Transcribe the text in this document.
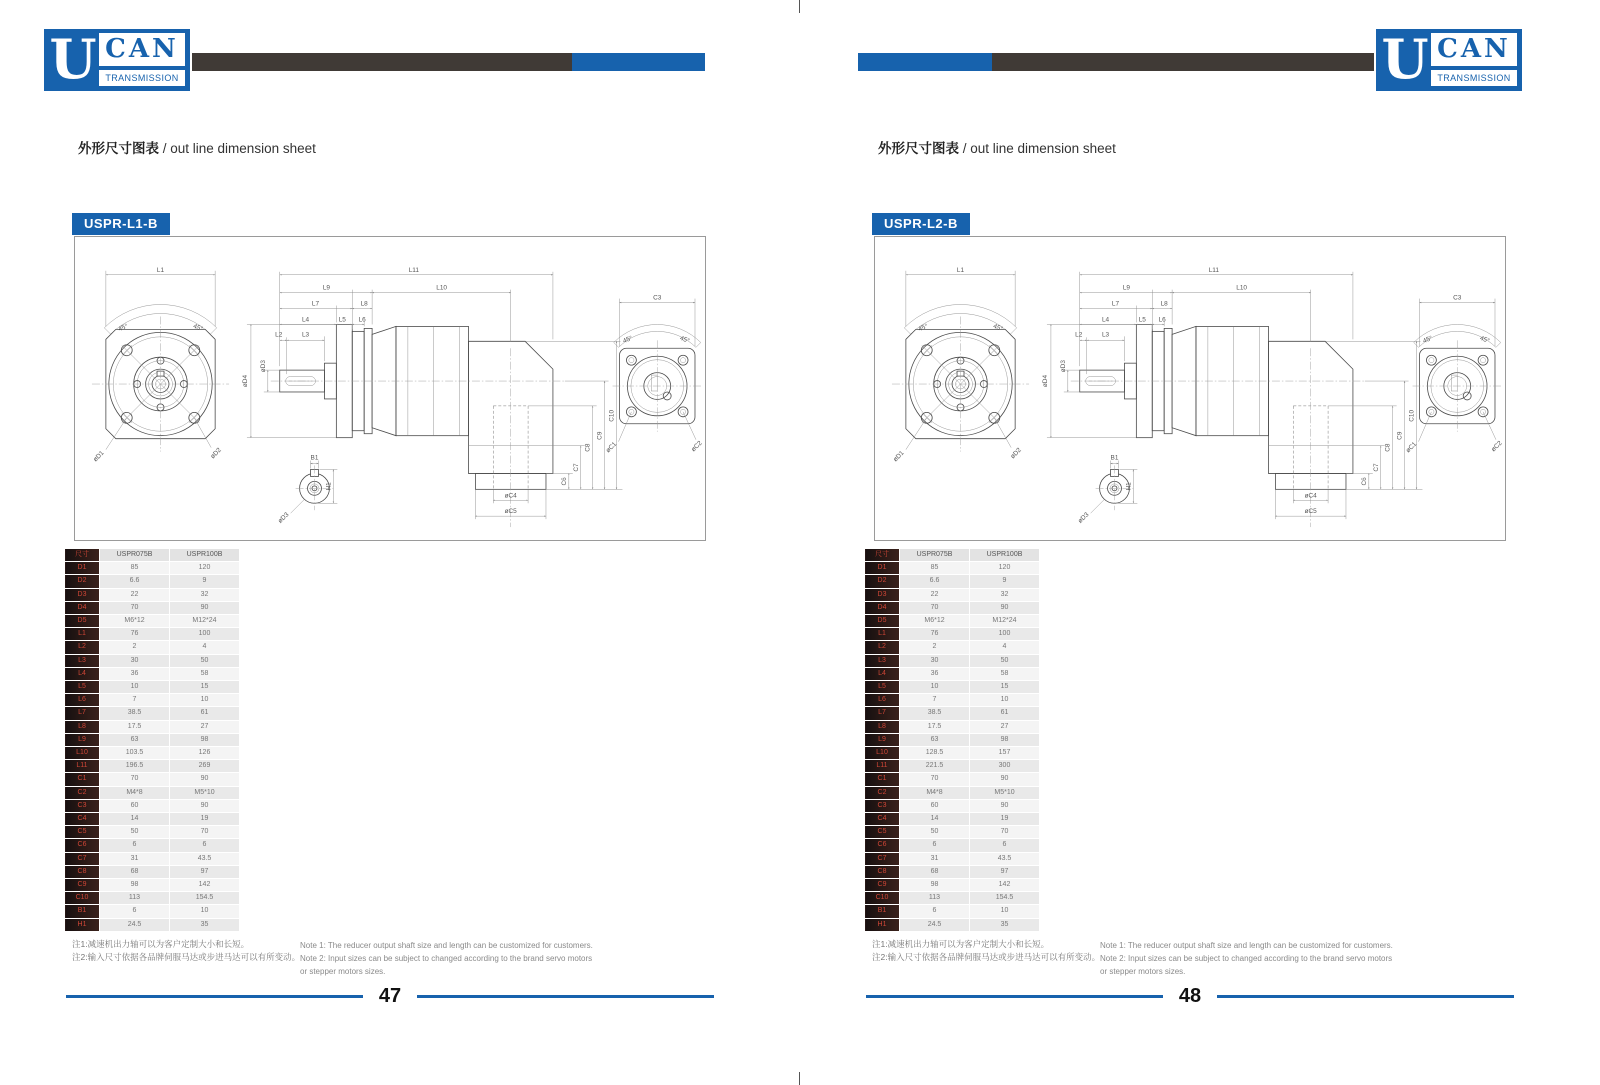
U CAN
TRANSMISSION
外形尺寸图表 / out line dimension sheet
USPR-L1-B
45°	45°
L1
øD1	øD2
L11
L9	L10
L7	L8
L4	L5 L6
L2	L3
øD4
øD3
C6
C7
C8
C9
C10
øC4
øC5
45°	45°
C3
øC1	øC2
B1
H1
øD3
尺寸	USPR075B	USPR100B
D1	85	120
D2	6.6	9
D3	22	32
D4	70	90
D5	M6*12	M12*24
L1	76	100
L2	2	4
L3	30	50
L4	36	58
L5	10	15
L6	7	10
L7	38.5	61
L8	17.5	27
L9	63	98
L10	103.5	126
L11	196.5	269
C1	70	90
C2	M4*8	M5*10
C3	60	90
C4	14	19
C5	50	70
C6	6	6
C7	31	43.5
C8	68	97
C9	98	142
C10	113	154.5
B1	6	10
H1	24.5	35
注1:减速机出力轴可以为客户定制大小和长短。
注2:输入尺寸依据各品牌伺服马达或步进马达可以有所变动。
Note 1: The reducer output shaft size and length can be customized for customers.
Note 2: Input sizes can be subject to changed according to the brand servo motors
or stepper motors sizes.
47
U CAN
TRANSMISSION
外形尺寸图表 / out line dimension sheet
USPR-L2-B
45°	45°
L1
øD1	øD2
L11
L9	L10
L7	L8
L4	L5 L6
L2	L3
øD4
øD3
C6
C7
C8
C9
C10
øC4
øC5
45°	45°
C3
øC1	øC2
B1
H1
øD3
尺寸	USPR075B	USPR100B
D1	85	120
D2	6.6	9
D3	22	32
D4	70	90
D5	M6*12	M12*24
L1	76	100
L2	2	4
L3	30	50
L4	36	58
L5	10	15
L6	7	10
L7	38.5	61
L8	17.5	27
L9	63	98
L10	128.5	157
L11	221.5	300
C1	70	90
C2	M4*8	M5*10
C3	60	90
C4	14	19
C5	50	70
C6	6	6
C7	31	43.5
C8	68	97
C9	98	142
C10	113	154.5
B1	6	10
H1	24.5	35
注1:减速机出力轴可以为客户定制大小和长短。
注2:输入尺寸依据各品牌伺服马达或步进马达可以有所变动。
Note 1: The reducer output shaft size and length can be customized for customers.
Note 2: Input sizes can be subject to changed according to the brand servo motors
or stepper motors sizes.
48
